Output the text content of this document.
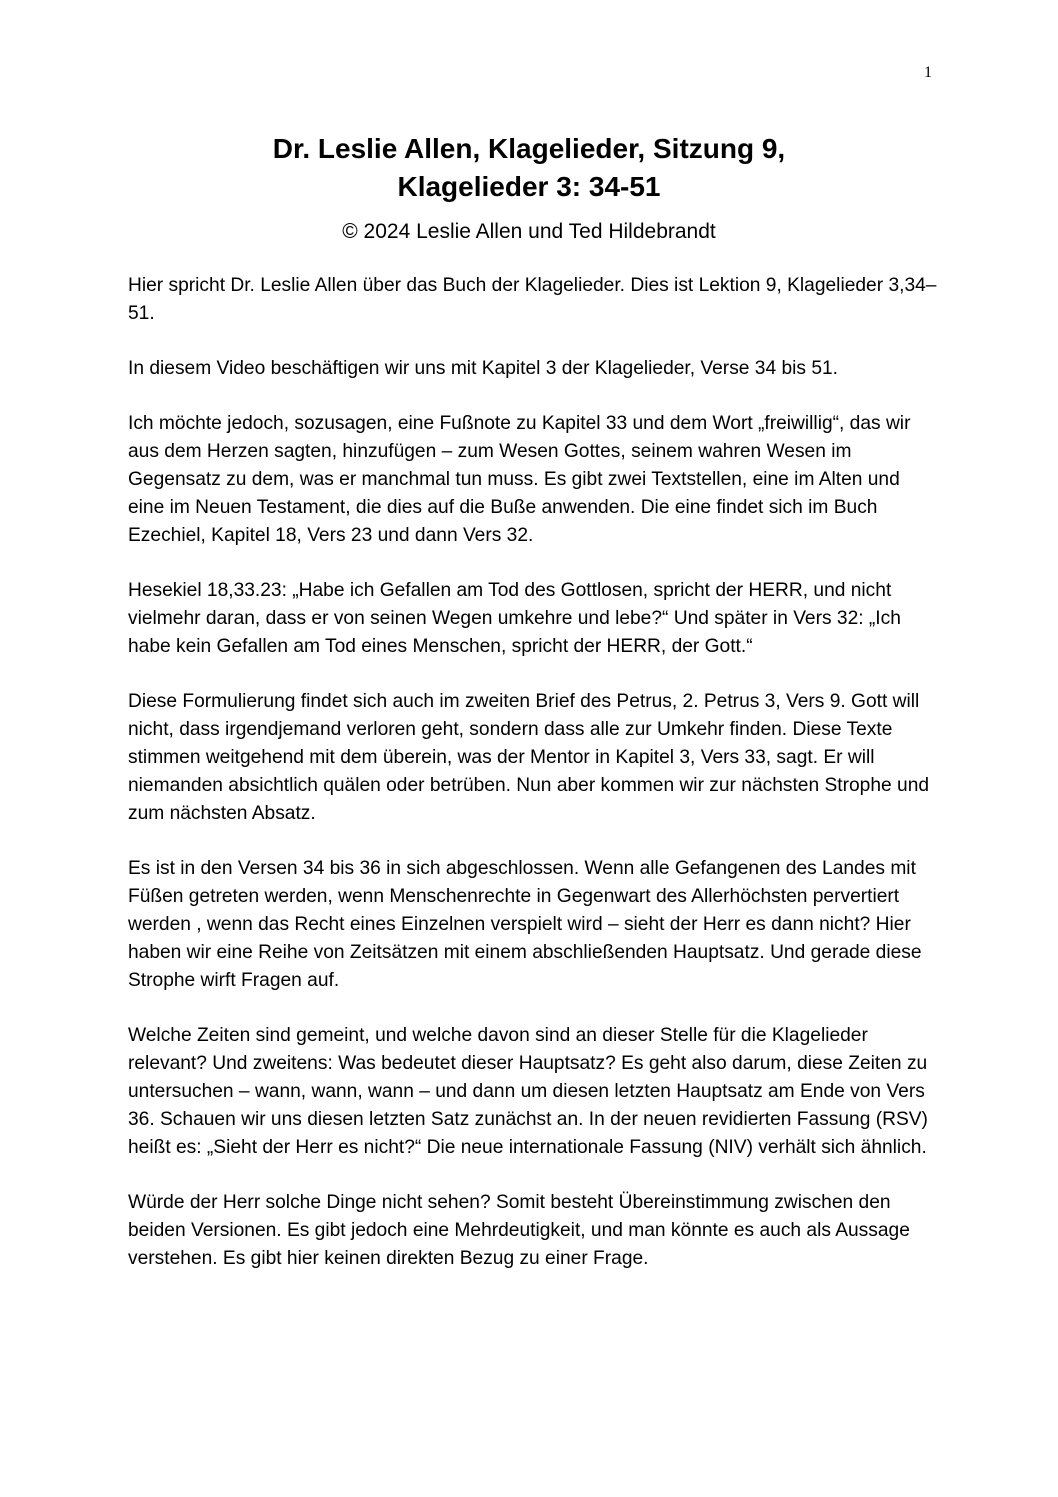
1
Dr. Leslie Allen, Klagelieder, Sitzung 9,
Klagelieder 3: 34-51
© 2024 Leslie Allen und Ted Hildebrandt

Hier spricht Dr. Leslie Allen über das Buch der Klagelieder. Dies ist Lektion 9, Klagelieder 3,34–51.

In diesem Video beschäftigen wir uns mit Kapitel 3 der Klagelieder, Verse 34 bis 51.

Ich möchte jedoch, sozusagen, eine Fußnote zu Kapitel 33 und dem Wort „freiwillig“, das wir aus dem Herzen sagten, hinzufügen – zum Wesen Gottes, seinem wahren Wesen im Gegensatz zu dem, was er manchmal tun muss. Es gibt zwei Textstellen, eine im Alten und eine im Neuen Testament, die dies auf die Buße anwenden. Die eine findet sich im Buch Ezechiel, Kapitel 18, Vers 23 und dann Vers 32.

Hesekiel 18,33.23: „Habe ich Gefallen am Tod des Gottlosen, spricht der HERR, und nicht vielmehr daran, dass er von seinen Wegen umkehre und lebe?“ Und später in Vers 32: „Ich habe kein Gefallen am Tod eines Menschen, spricht der HERR, der Gott.“

Diese Formulierung findet sich auch im zweiten Brief des Petrus, 2. Petrus 3, Vers 9. Gott will nicht, dass irgendjemand verloren geht, sondern dass alle zur Umkehr finden. Diese Texte stimmen weitgehend mit dem überein, was der Mentor in Kapitel 3, Vers 33, sagt. Er will niemanden absichtlich quälen oder betrüben. Nun aber kommen wir zur nächsten Strophe und zum nächsten Absatz.

Es ist in den Versen 34 bis 36 in sich abgeschlossen. Wenn alle Gefangenen des Landes mit Füßen getreten werden, wenn Menschenrechte in Gegenwart des Allerhöchsten pervertiert werden , wenn das Recht eines Einzelnen verspielt wird – sieht der Herr es dann nicht? Hier haben wir eine Reihe von Zeitsätzen mit einem abschließenden Hauptsatz. Und gerade diese Strophe wirft Fragen auf.

Welche Zeiten sind gemeint, und welche davon sind an dieser Stelle für die Klagelieder relevant? Und zweitens: Was bedeutet dieser Hauptsatz? Es geht also darum, diese Zeiten zu untersuchen – wann, wann, wann – und dann um diesen letzten Hauptsatz am Ende von Vers 36. Schauen wir uns diesen letzten Satz zunächst an. In der neuen revidierten Fassung (RSV) heißt es: „Sieht der Herr es nicht?“ Die neue internationale Fassung (NIV) verhält sich ähnlich.

Würde der Herr solche Dinge nicht sehen? Somit besteht Übereinstimmung zwischen den beiden Versionen. Es gibt jedoch eine Mehrdeutigkeit, und man könnte es auch als Aussage verstehen. Es gibt hier keinen direkten Bezug zu einer Frage.
